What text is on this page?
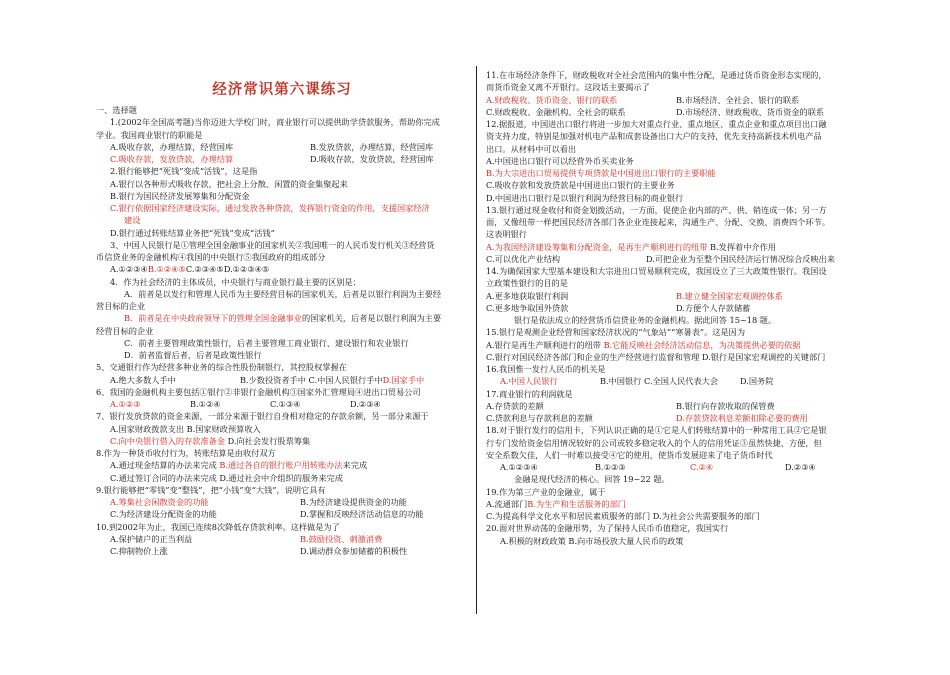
经济常识第六课练习
一、选择题
1.(2002年全国高考题)当你迈进大学校门时，商业银行可以提供助学贷款服务，帮助你完成
学业。我国商业银行的职能是
A.吸收存款，办理结算，经营国库	B.发放贷款，办理结算，经营国库
C.吸收存款，发放贷款，办理结算	D.吸收存款，发放贷款，经营国库
2.银行能够把“死钱”变成“活钱”，这是指
A.银行以各种形式吸收存款，把社会上分散、闲置的资金集聚起来
B.银行为国民经济发展筹集和分配资金
C.银行依据国家经济建设实际，通过发放各种贷款，发挥银行资金的作用，支援国家经济
建设
D.银行通过转账结算业务把“死钱”变成“活钱”
3、中国人民银行是①管理全国金融事业的国家机关②我国唯一的人民币发行机关③经营货
币信贷业务的金融机构④我国的中央银行⑤我国政府的组成部分
A.①②③④ B.①②④⑤ C.②③④⑤ D.①②③④⑤
4．作为社会经济的主体成员，中央银行与商业银行最主要的区别是：
A．前者是以发行和管理人民币为主要经营目标的国家机关，后者是以银行利润为主要经
营目标的企业
B．前者是在中央政府领导下的管理全国金融事业的国家机关，后者是以银行利润为主要
经营目标的企业
C．前者主要管理政策性银行，后者主要管理工商业银行、建设银行和农业银行
D．前者监督后者，后者是政策性银行
5、交通银行作为经营多种业务的综合性股份制银行，其控股权掌握在
A.绝大多数人手中	B.少数投资者手中 C.中国人民银行手中 D.国家手中
6、我国的金融机构主要包括①银行②非银行金融机构③国家外汇管理局④进出口贸易公司
A.①②③	B.①②④	C.①③④	D.②③④
7、银行发放贷款的资金来源，一部分来源于银行自身相对稳定的存款余额，另一部分来源于
A.国家财政拨款支出 B.国家财政预算收入
C.向中央银行借入的存款准备金 D.向社会发行股票筹集
8.作为一种货币收付行为，转账结算是由收付双方
A.通过现金结算的办法来完成 B.通过各自的银行账户用转账办法来完成
C.通过签订合同的办法来完成 D.通过社会中介组织的服务来完成
9.银行能够把“零钱”变“整钱”，把“小钱”变“大钱”，说明它具有
A.筹集社会闲散资金的功能	B.为经济建设提供资金的功能
C.为经济建设分配资金的功能	D.掌握和反映经济活动信息的功能
10.到2002年为止，我国已连续8次降低存贷款利率。这样做是为了
A.保护储户的正当利益	B.鼓励投资、刺激消费
C.抑制物价上涨	D.调动群众参加储蓄的积极性
11.在市场经济条件下，财政税收对全社会范围内的集中性分配，是通过货币资金形态实现的，
而货币资金又离不开银行。这段话主要揭示了
A.财政税收、货币资金、银行的联系	B.市场经济、全社会、银行的联系
C.财政税收、金融机构、全社会的联系	D.市场经济、财政税收、货币资金的联系
12.据报道，中国进出口银行将进一步加大对重点行业、重点地区、重点企业和重点项目出口融
资支持力度，特别是加强对机电产品和成套设备出口大户的支持，优先支持高新技术机电产品
出口。从材料中可以看出
A.中国进出口银行可以经营外币买卖业务
B.为大宗进出口贸易提供专项贷款是中国进出口银行的主要职能
C.吸收存款和发放贷款是中国进出口银行的主要业务
D.中国进出口银行是以银行利润为经营目标的商业银行
13.银行通过现金收付和资金划拨活动，一方面，促使企业内部的产、供、销连成一体；另一方
面，又像纽带一样把国民经济各部门各企业连接起来，沟通生产、分配、交换、消费四个环节。
这表明银行
A.为我国经济建设筹集和分配资金，是再生产顺利进行的纽带 B.发挥着中介作用
C.可以优化产业结构	D.可把企业为至整个国民经济运行情况综合反映出来
14.为确保国家大型基本建设和大宗进出口贸易顺利完成，我国设立了三大政策性银行。我国设
立政策性银行的目的是
A.更多地获取银行利润	B.建立健全国家宏观调控体系
C.更多地争取国外贷款	D.方便个人存款储蓄
银行是依法成立的经营货币信贷业务的金融机构。据此回答 15~18 题。
15.银行是观测企业经营和国家经济状况的“气象站”“寒暑表”。这是因为
A.银行是再生产顺利进行的纽带 B.它能反映社会经济活动信息，为决策提供必要的依据
C.银行对国民经济各部门和企业的生产经营进行监督和管理 D.银行是国家宏观调控的关键部门
16.我国惟一发行人民币的机关是
A.中国人民银行	B.中国银行 C.全国人民代表大会	D.国务院
17.商业银行的利润就是
A.存贷款的差额	B.银行向存款收取的保管费
C.贷款利息与存款利息的差额	D.存款贷款利息差额扣除必要的费用
18.对于银行发行的信用卡，下列认识正确的是①它是人们转账结算中的一种常用工具②它是银
行专门发给资金信用情况较好的公司或较多稳定收入的个人的信用凭证③虽然快捷、方便，但
安全系数欠佳，人们一时难以接受④它的使用，使货币发展迎来了电子货币时代
A.①②③④	B.①②③	C.②④	D.②③④
金融是现代经济的核心。回答 19~22 题。
19.作为第三产业的金融业，属于
A.流通部门 B.为生产和生活服务的部门
C.为提高科学文化水平和居民素质服务的部门 D.为社会公共需要服务的部门
20.面对世界动荡的金融形势，为了保持人民币币值稳定，我国实行
A.积极的财政政策 B.向市场投放大量人民币的政策
